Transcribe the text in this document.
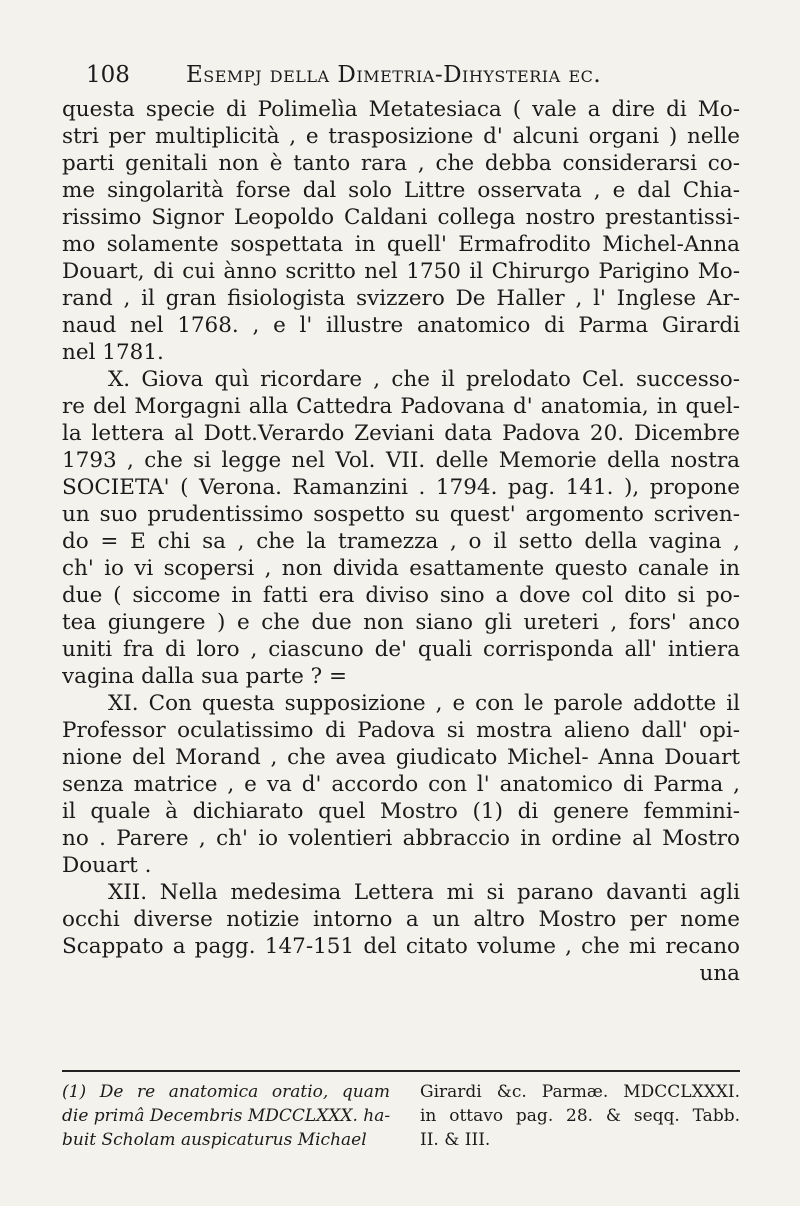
108 Esempj della Dimetria-Dihysteria ec.
questa specie di Polimelìa Metatesiaca ( vale a dire di Mo-
stri per multiplicità , e trasposizione d' alcuni organi ) nelle
parti genitali non è tanto rara , che debba considerarsi co-
me singolarità forse dal solo Littre osservata , e dal Chia-
rissimo Signor Leopoldo Caldani collega nostro prestantissi-
mo solamente sospettata in quell' Ermafrodito Michel-Anna
Douart, di cui ànno scritto nel 1750 il Chirurgo Parigino Mo-
rand , il gran fisiologista svizzero De Haller , l' Inglese Ar-
naud nel 1768. , e l' illustre anatomico di Parma Girardi
nel 1781.
X. Giova quì ricordare , che il prelodato Cel. successo-
re del Morgagni alla Cattedra Padovana d' anatomia, in quel-
la lettera al Dott.Verardo Zeviani data Padova 20. Dicembre
1793 , che si legge nel Vol. VII. delle Memorie della nostra
SOCIETA' ( Verona. Ramanzini . 1794. pag. 141. ), propone
un suo prudentissimo sospetto su quest' argomento scriven-
do = E chi sa , che la tramezza , o il setto della vagina ,
ch' io vi scopersi , non divida esattamente questo canale in
due ( siccome in fatti era diviso sino a dove col dito si po-
tea giungere ) e che due non siano gli ureteri , fors' anco
uniti fra di loro , ciascuno de' quali corrisponda all' intiera
vagina dalla sua parte ? =
XI. Con questa supposizione , e con le parole addotte il
Professor oculatissimo di Padova si mostra alieno dall' opi-
nione del Morand , che avea giudicato Michel- Anna Douart
senza matrice , e va d' accordo con l' anatomico di Parma ,
il quale à dichiarato quel Mostro (1) di genere femmini-
no . Parere , ch' io volentieri abbraccio in ordine al Mostro
Douart .
XII. Nella medesima Lettera mi si parano davanti agli
occhi diverse notizie intorno a un altro Mostro per nome
Scappato a pagg. 147-151 del citato volume , che mi recano
una
(1) De re anatomica oratio, quam
die primâ Decembris MDCCLXXX. ha-
buit Scholam auspicaturus Michael
Girardi &c. Parmæ. MDCCLXXXI.
in ottavo pag. 28. & seqq. Tabb.
II. & III.
